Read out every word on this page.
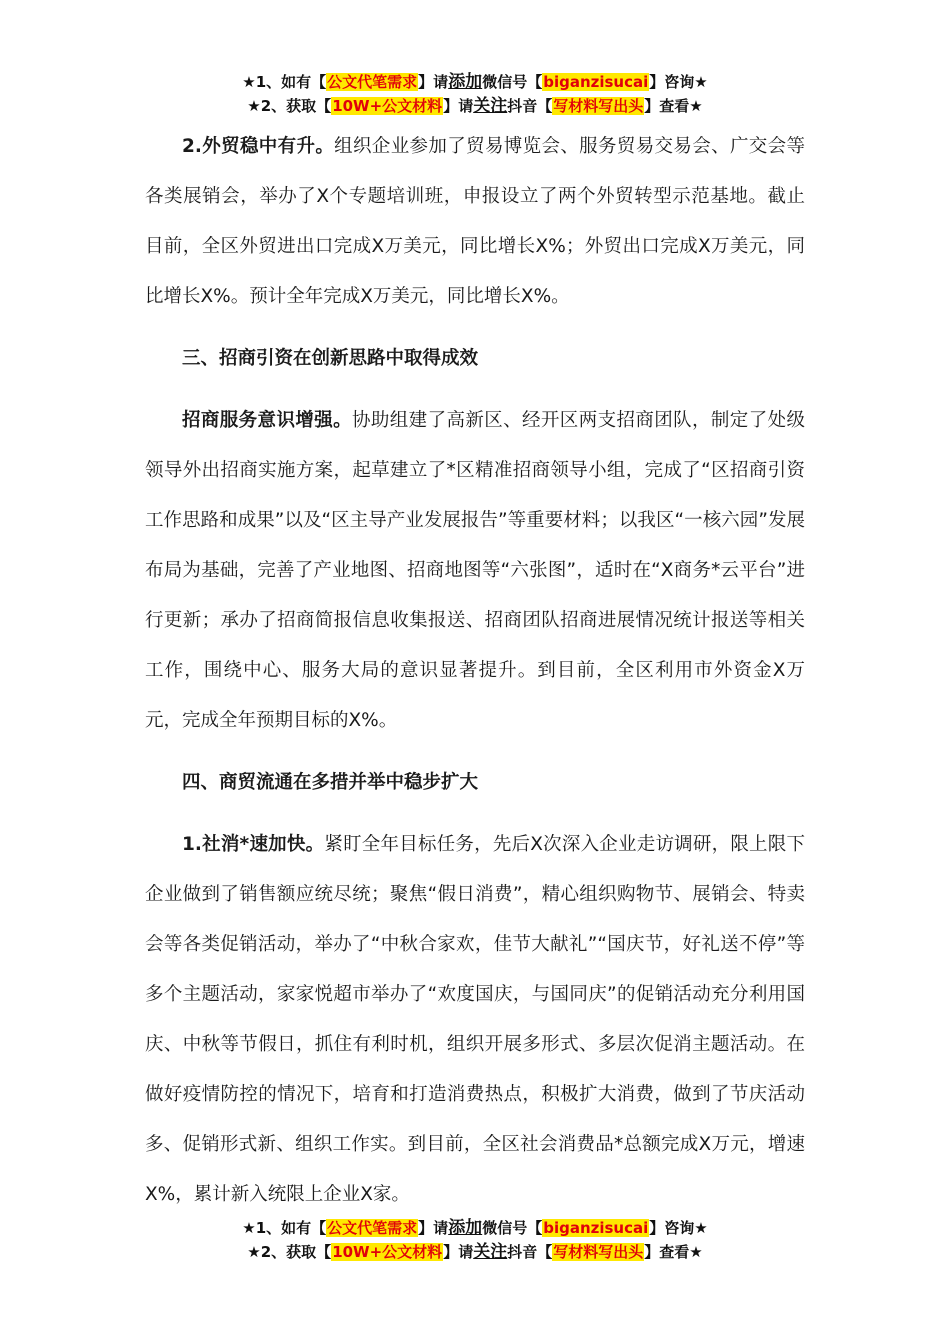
★1、如有【公文代笔需求】请添加微信号【biganzisucai】咨询★
★2、获取【10W+公文材料】请关注抖音【写材料写出头】查看★

2.外贸稳中有升。组织企业参加了贸易博览会、服务贸易交易会、广交会等各类展销会，举办了X个专题培训班，申报设立了两个外贸转型示范基地。截止目前，全区外贸进出口完成X万美元，同比增长X%；外贸出口完成X万美元，同比增长X%。预计全年完成X万美元，同比增长X%。

三、招商引资在创新思路中取得成效

招商服务意识增强。协助组建了高新区、经开区两支招商团队，制定了处级领导外出招商实施方案，起草建立了*区精准招商领导小组，完成了“区招商引资工作思路和成果”以及“区主导产业发展报告”等重要材料；以我区“一核六园”发展布局为基础，完善了产业地图、招商地图等“六张图”，适时在“X商务*云平台”进行更新；承办了招商简报信息收集报送、招商团队招商进展情况统计报送等相关工作，围绕中心、服务大局的意识显著提升。到目前，全区利用市外资金X万元，完成全年预期目标的X%。

四、商贸流通在多措并举中稳步扩大

1.社消*速加快。紧盯全年目标任务，先后X次深入企业走访调研，限上限下企业做到了销售额应统尽统；聚焦“假日消费”，精心组织购物节、展销会、特卖会等各类促销活动，举办了“中秋合家欢，佳节大献礼”“国庆节，好礼送不停”等多个主题活动，家家悦超市举办了“欢度国庆，与国同庆”的促销活动充分利用国庆、中秋等节假日，抓住有利时机，组织开展多形式、多层次促消主题活动。在做好疫情防控的情况下，培育和打造消费热点，积极扩大消费，做到了节庆活动多、促销形式新、组织工作实。到目前，全区社会消费品*总额完成X万元，增速X%，累计新入统限上企业X家。

★1、如有【公文代笔需求】请添加微信号【biganzisucai】咨询★
★2、获取【10W+公文材料】请关注抖音【写材料写出头】查看★
